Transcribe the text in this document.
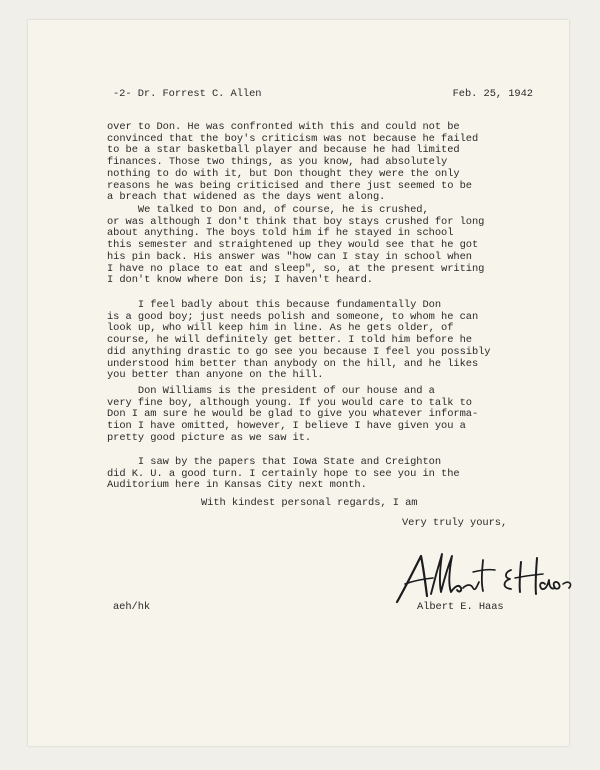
-2- Dr. Forrest C. Allen

	Feb. 25, 1942

over to Don. He was confronted with this and could not be
convinced that the boy's criticism was not because he failed
to be a star basketball player and because he had limited
finances. Those two things, as you know, had absolutely
nothing to do with it, but Don thought they were the only
reasons he was being criticised and there just seemed to be
a breach that widened as the days went along.

We talked to Don and, of course, he is crushed,
or was although I don't think that boy stays crushed for long
about anything. The boys told him if he stayed in school
this semester and straightened up they would see that he got
his pin back. His answer was "how can I stay in school when
I have no place to eat and sleep", so, at the present writing
I don't know where Don is; I haven't heard.

I feel badly about this because fundamentally Don
is a good boy; just needs polish and someone, to whom he can
look up, who will keep him in line. As he gets older, of
course, he will definitely get better. I told him before he
did anything drastic to go see you because I feel you possibly
understood him better than anybody on the hill, and he likes
you better than anyone on the hill.

Don Williams is the president of our house and a
very fine boy, although young. If you would care to talk to
Don I am sure he would be glad to give you whatever informa-
tion I have omitted, however, I believe I have given you a
pretty good picture as we saw it.

I saw by the papers that Iowa State and Creighton
did K. U. a good turn. I certainly hope to see you in the
Auditorium here in Kansas City next month.

With kindest personal regards, I am

Very truly yours,

Albert E. Haas
aeh/hk
